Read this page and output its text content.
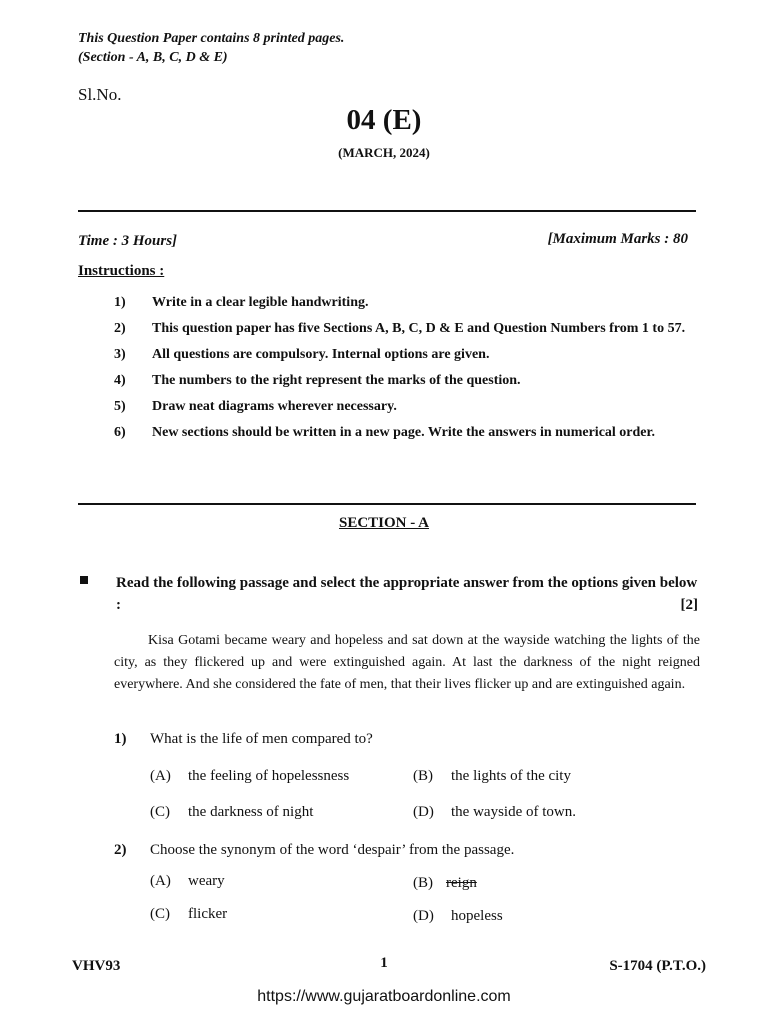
This Question Paper contains 8 printed pages.
(Section - A, B, C, D & E)
Sl.No.
04 (E)
(MARCH, 2024)
Time : 3 Hours]	[Maximum Marks : 80
Instructions :
1)	Write in a clear legible handwriting.
2)	This question paper has five Sections A, B, C, D & E and Question Numbers from 1 to 57.
3)	All questions are compulsory. Internal options are given.
4)	The numbers to the right represent the marks of the question.
5)	Draw neat diagrams wherever necessary.
6)	New sections should be written in a new page. Write the answers in numerical order.
SECTION - A
Read the following passage and select the appropriate answer from the options given below :	[2]
Kisa Gotami became weary and hopeless and sat down at the wayside watching the lights of the city, as they flickered up and were extinguished again. At last the darkness of the night reigned everywhere. And she considered the fate of men, that their lives flicker up and are extinguished again.
1) What is the life of men compared to?
(A) the feeling of hopelessness	(B) the lights of the city
(C) the darkness of night	(D) the wayside of town.
2) Choose the synonym of the word ‘despair’ from the passage.
(A) weary	(B) reign
(C) flicker	(D) hopeless
VHV93	1	S-1704 (P.T.O.)
https://www.gujaratboardonline.com
